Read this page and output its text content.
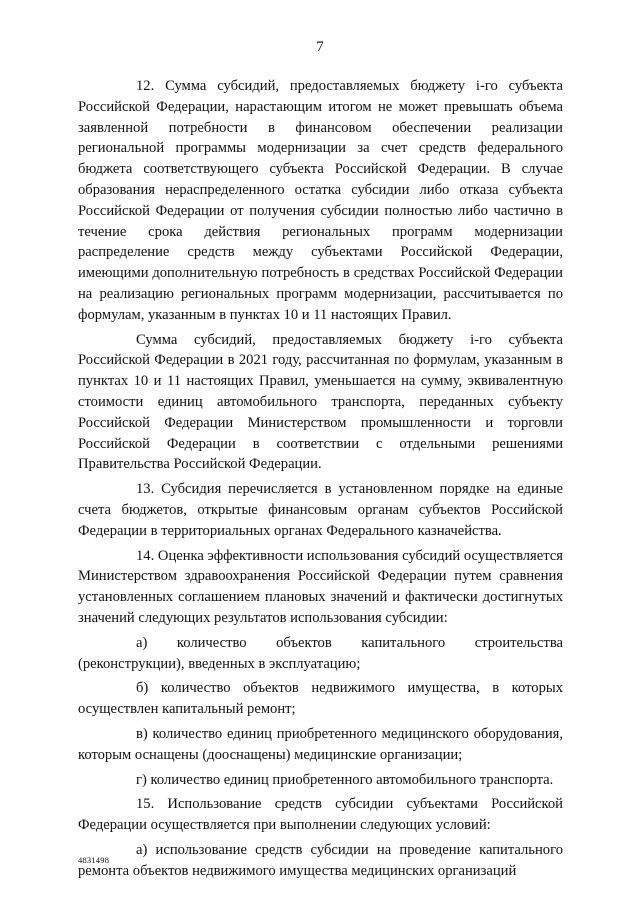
7

12. Сумма субсидий, предоставляемых бюджету i-го субъекта Российской Федерации, нарастающим итогом не может превышать объема заявленной потребности в финансовом обеспечении реализации региональной программы модернизации за счет средств федерального бюджета соответствующего субъекта Российской Федерации. В случае образования нераспределенного остатка субсидии либо отказа субъекта Российской Федерации от получения субсидии полностью либо частично в течение срока действия региональных программ модернизации распределение средств между субъектами Российской Федерации, имеющими дополнительную потребность в средствах Российской Федерации на реализацию региональных программ модернизации, рассчитывается по формулам, указанным в пунктах 10 и 11 настоящих Правил.

Сумма субсидий, предоставляемых бюджету i-го субъекта Российской Федерации в 2021 году, рассчитанная по формулам, указанным в пунктах 10 и 11 настоящих Правил, уменьшается на сумму, эквивалентную стоимости единиц автомобильного транспорта, переданных субъекту Российской Федерации Министерством промышленности и торговли Российской Федерации в соответствии с отдельными решениями Правительства Российской Федерации.

13. Субсидия перечисляется в установленном порядке на единые счета бюджетов, открытые финансовым органам субъектов Российской Федерации в территориальных органах Федерального казначейства.

14. Оценка эффективности использования субсидий осуществляется Министерством здравоохранения Российской Федерации путем сравнения установленных соглашением плановых значений и фактически достигнутых значений следующих результатов использования субсидии:

а) количество объектов капитального строительства (реконструкции), введенных в эксплуатацию;

б) количество объектов недвижимого имущества, в которых осуществлен капитальный ремонт;

в) количество единиц приобретенного медицинского оборудования, которым оснащены (дооснащены) медицинские организации;

г) количество единиц приобретенного автомобильного транспорта.

15. Использование средств субсидии субъектами Российской Федерации осуществляется при выполнении следующих условий:

а) использование средств субсидии на проведение капитального ремонта объектов недвижимого имущества медицинских организаций

4831498
